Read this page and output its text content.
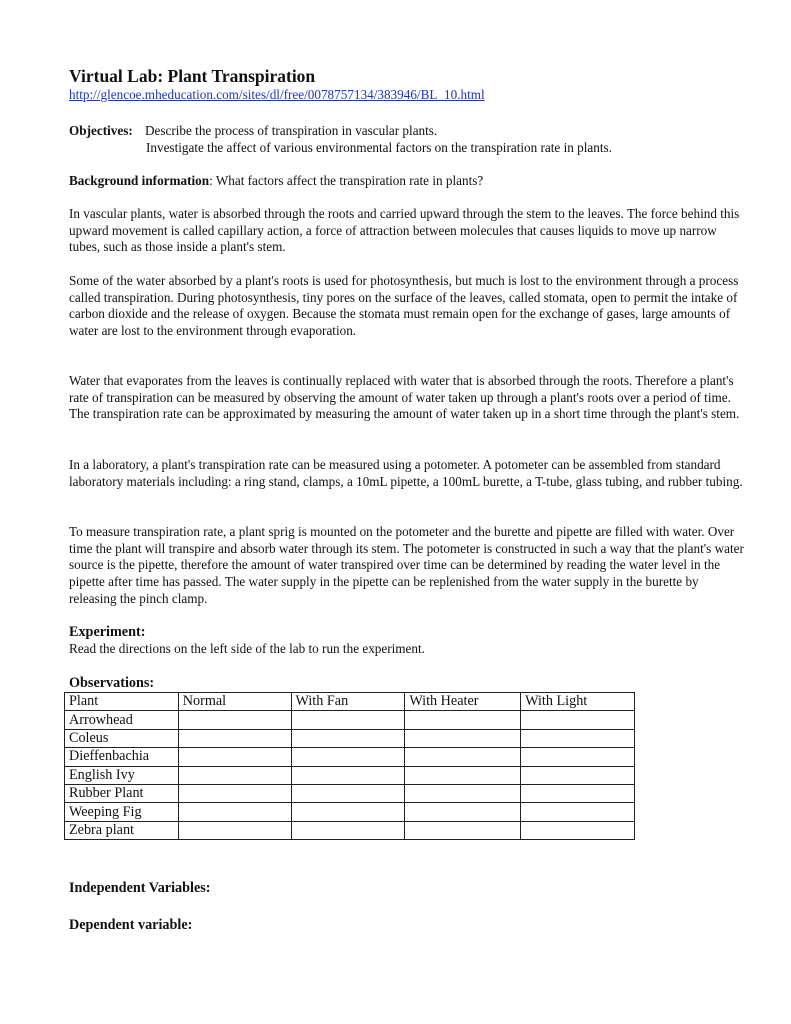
Virtual Lab: Plant Transpiration
http://glencoe.mheducation.com/sites/dl/free/0078757134/383946/BL_10.html
Objectives: Describe the process of transpiration in vascular plants.
Investigate the affect of various environmental factors on the transpiration rate in plants.
Background information: What factors affect the transpiration rate in plants?

In vascular plants, water is absorbed through the roots and carried upward through the stem to the leaves. The force behind this upward movement is called capillary action, a force of attraction between molecules that causes liquids to move up narrow tubes, such as those inside a plant's stem.

Some of the water absorbed by a plant's roots is used for photosynthesis, but much is lost to the environment through a process called transpiration. During photosynthesis, tiny pores on the surface of the leaves, called stomata, open to permit the intake of carbon dioxide and the release of oxygen. Because the stomata must remain open for the exchange of gases, large amounts of water are lost to the environment through evaporation.

Water that evaporates from the leaves is continually replaced with water that is absorbed through the roots. Therefore a plant's rate of transpiration can be measured by observing the amount of water taken up through a plant's roots over a period of time. The transpiration rate can be approximated by measuring the amount of water taken up in a short time through the plant's stem.

In a laboratory, a plant's transpiration rate can be measured using a potometer. A potometer can be assembled from standard laboratory materials including: a ring stand, clamps, a 10mL pipette, a 100mL burette, a T-tube, glass tubing, and rubber tubing.

To measure transpiration rate, a plant sprig is mounted on the potometer and the burette and pipette are filled with water. Over time the plant will transpire and absorb water through its stem. The potometer is constructed in such a way that the plant's water source is the pipette, therefore the amount of water transpired over time can be determined by reading the water level in the pipette after time has passed. The water supply in the pipette can be replenished from the water supply in the burette by releasing the pinch clamp.

Experiment:
Read the directions on the left side of the lab to run the experiment.
Observations:
Plant	Normal	With Fan	With Heater	With Light
Arrowhead				
Coleus				
Dieffenbachia				
English Ivy				
Rubber Plant				
Weeping Fig				
Zebra plant				
Independent Variables:
Dependent variable:
